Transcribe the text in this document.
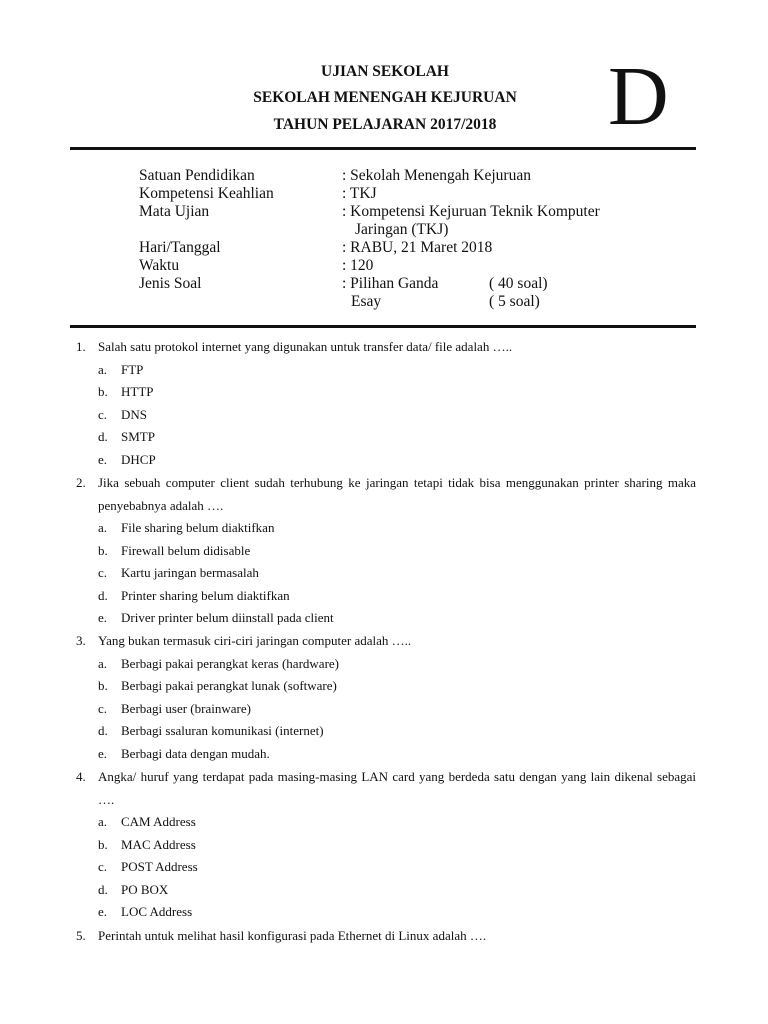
UJIAN SEKOLAH
SEKOLAH MENENGAH KEJURUAN
TAHUN PELAJARAN 2017/2018	D
Satuan Pendidikan	: Sekolah Menengah Kejuruan
Kompetensi Keahlian	: TKJ
Mata Ujian	: Kompetensi Kejuruan Teknik Komputer
Jaringan (TKJ)
Hari/Tanggal	: RABU, 21 Maret 2018
Waktu	: 120
Jenis Soal	: Pilihan Ganda	( 40 soal)
Esay	( 5 soal)
1. Salah satu protokol internet yang digunakan untuk transfer data/ file adalah …..
a. FTP
b. HTTP
c. DNS
d. SMTP
e. DHCP
2. Jika sebuah computer client sudah terhubung ke jaringan tetapi tidak bisa menggunakan printer sharing maka penyebabnya adalah ….
a. File sharing belum diaktifkan
b. Firewall belum didisable
c. Kartu jaringan bermasalah
d. Printer sharing belum diaktifkan
e. Driver printer belum diinstall pada client
3. Yang bukan termasuk ciri-ciri jaringan computer adalah …..
a. Berbagi pakai perangkat keras (hardware)
b. Berbagi pakai perangkat lunak (software)
c. Berbagi user (brainware)
d. Berbagi ssaluran komunikasi (internet)
e. Berbagi data dengan mudah.
4. Angka/ huruf yang terdapat pada masing-masing LAN card yang berdeda satu dengan yang lain dikenal sebagai ….
a. CAM Address
b. MAC Address
c. POST Address
d. PO BOX
e. LOC Address
5. Perintah untuk melihat hasil konfigurasi pada Ethernet di Linux adalah ….
